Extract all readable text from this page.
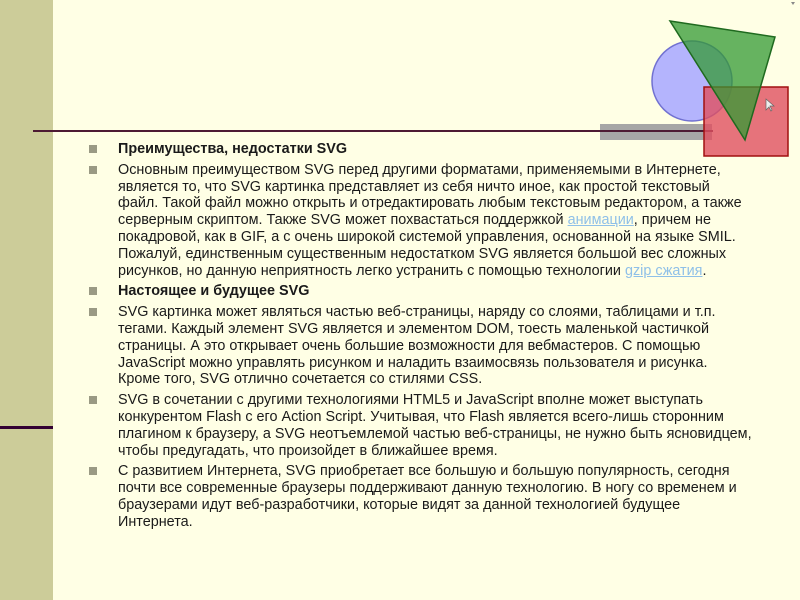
Преимущества, недостатки SVG
Основным преимуществом SVG перед другими форматами, применяемыми в Интернете, является то, что SVG картинка представляет из себя ничто иное, как простой текстовый файл. Такой файл можно открыть и отредактировать любым текстовым редактором, а также серверным скриптом. Также SVG может похвастаться поддержкой анимации, причем не покадровой, как в GIF, а с очень широкой системой управления, основанной на языке SMIL. Пожалуй, единственным существенным недостатком SVG является большой вес сложных рисунков, но данную неприятность легко устранить с помощью технологии gzip сжатия.
Настоящее и будущее SVG
SVG картинка может являться частью веб-страницы, наряду со слоями, таблицами и т.п. тегами. Каждый элемент SVG является и элементом DOM, тоесть маленькой частичкой страницы. А это открывает очень большие возможности для вебмастеров. С помощью JavaScript можно управлять рисунком и наладить взаимосвязь пользователя и рисунка. Кроме того, SVG отлично сочетается со стилями CSS.
SVG в сочетании с другими технологиями HTML5 и JavaScript вполне может выступать конкурентом Flash с его Action Script. Учитывая, что Flash является всего-лишь сторонним плагином к браузеру, а SVG неотъемлемой частью веб-страницы, не нужно быть ясновидцем, чтобы предугадать, что произойдет в ближайшее время.
С развитием Интернета, SVG приобретает все большую и большую популярность, сегодня почти все современные браузеры поддерживают данную технологию. В ногу со временем и браузерами идут веб-разработчики, которые видят за данной технологией будущее Интернета.
